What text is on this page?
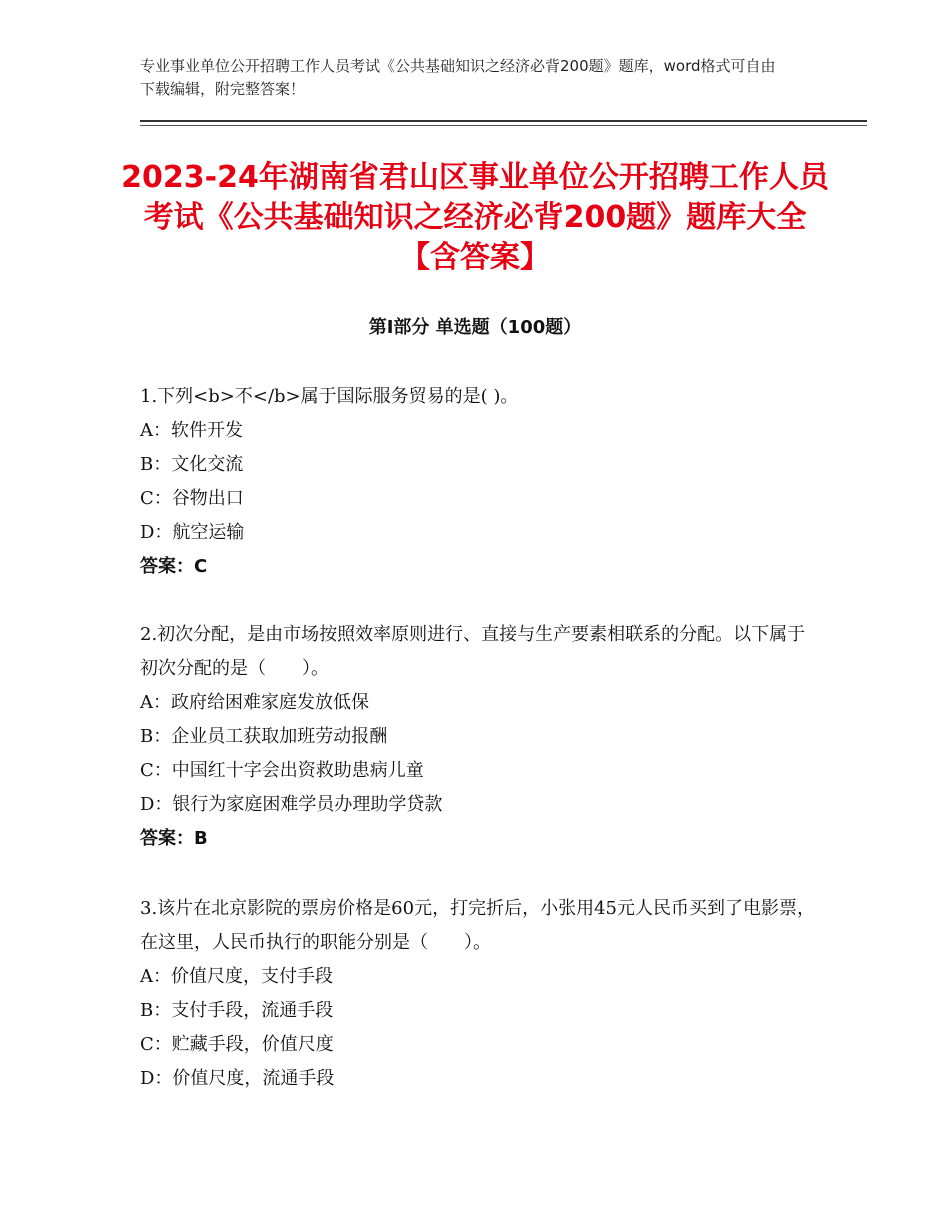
专业事业单位公开招聘工作人员考试《公共基础知识之经济必背200题》题库，word格式可自由下载编辑，附完整答案！
2023-24年湖南省君山区事业单位公开招聘工作人员考试《公共基础知识之经济必背200题》题库大全【含答案】
第Ⅰ部分 单选题（100题）
1.下列<b>不</b>属于国际服务贸易的是( )。
A：软件开发
B：文化交流
C：谷物出口
D：航空运输
答案：C
2.初次分配，是由市场按照效率原则进行、直接与生产要素相联系的分配。以下属于初次分配的是（　　）。
A：政府给困难家庭发放低保
B：企业员工获取加班劳动报酬
C：中国红十字会出资救助患病儿童
D：银行为家庭困难学员办理助学贷款
答案：B
3.该片在北京影院的票房价格是60元，打完折后，小张用45元人民币买到了电影票，在这里，人民币执行的职能分别是（　　）。
A：价值尺度，支付手段
B：支付手段，流通手段
C：贮藏手段，价值尺度
D：价值尺度，流通手段
